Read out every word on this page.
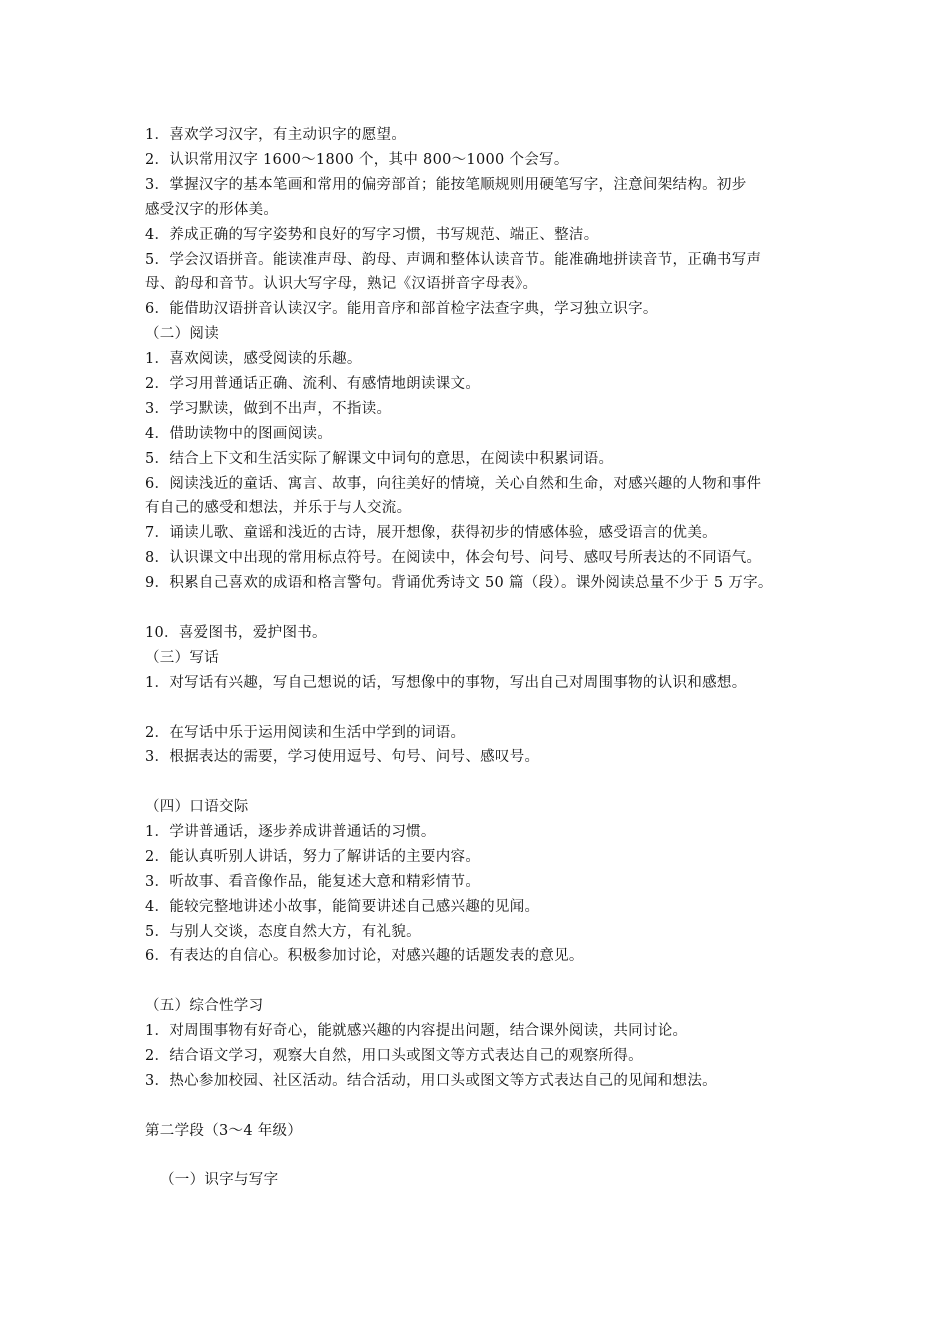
1．喜欢学习汉字，有主动识字的愿望。
2．认识常用汉字 1600～1800 个，其中 800～1000 个会写。
3．掌握汉字的基本笔画和常用的偏旁部首；能按笔顺规则用硬笔写字，注意间架结构。初步
感受汉字的形体美。
4．养成正确的写字姿势和良好的写字习惯，书写规范、端正、整洁。
5．学会汉语拼音。能读准声母、韵母、声调和整体认读音节。能准确地拼读音节，正确书写声
母、韵母和音节。认识大写字母，熟记《汉语拼音字母表》。
6．能借助汉语拼音认读汉字。能用音序和部首检字法查字典，学习独立识字。
（二）阅读
1．喜欢阅读，感受阅读的乐趣。
2．学习用普通话正确、流利、有感情地朗读课文。
3．学习默读，做到不出声，不指读。
4．借助读物中的图画阅读。
5．结合上下文和生活实际了解课文中词句的意思，在阅读中积累词语。
6．阅读浅近的童话、寓言、故事，向往美好的情境，关心自然和生命，对感兴趣的人物和事件
有自己的感受和想法，并乐于与人交流。
7．诵读儿歌、童谣和浅近的古诗，展开想像，获得初步的情感体验，感受语言的优美。
8．认识课文中出现的常用标点符号。在阅读中，体会句号、问号、感叹号所表达的不同语气。
9．积累自己喜欢的成语和格言警句。背诵优秀诗文 50 篇（段）。课外阅读总量不少于 5 万字。
10．喜爱图书，爱护图书。
（三）写话
1．对写话有兴趣，写自己想说的话，写想像中的事物，写出自己对周围事物的认识和感想。
2．在写话中乐于运用阅读和生活中学到的词语。
3．根据表达的需要，学习使用逗号、句号、问号、感叹号。
（四）口语交际
1．学讲普通话，逐步养成讲普通话的习惯。
2．能认真听别人讲话，努力了解讲话的主要内容。
3．听故事、看音像作品，能复述大意和精彩情节。
4．能较完整地讲述小故事，能简要讲述自己感兴趣的见闻。
5．与别人交谈，态度自然大方，有礼貌。
6．有表达的自信心。积极参加讨论，对感兴趣的话题发表的意见。
（五）综合性学习
1．对周围事物有好奇心，能就感兴趣的内容提出问题，结合课外阅读，共同讨论。
2．结合语文学习，观察大自然，用口头或图文等方式表达自己的观察所得。
3．热心参加校园、社区活动。结合活动，用口头或图文等方式表达自己的见闻和想法。
第二学段（3～4 年级）
（一）识字与写字
